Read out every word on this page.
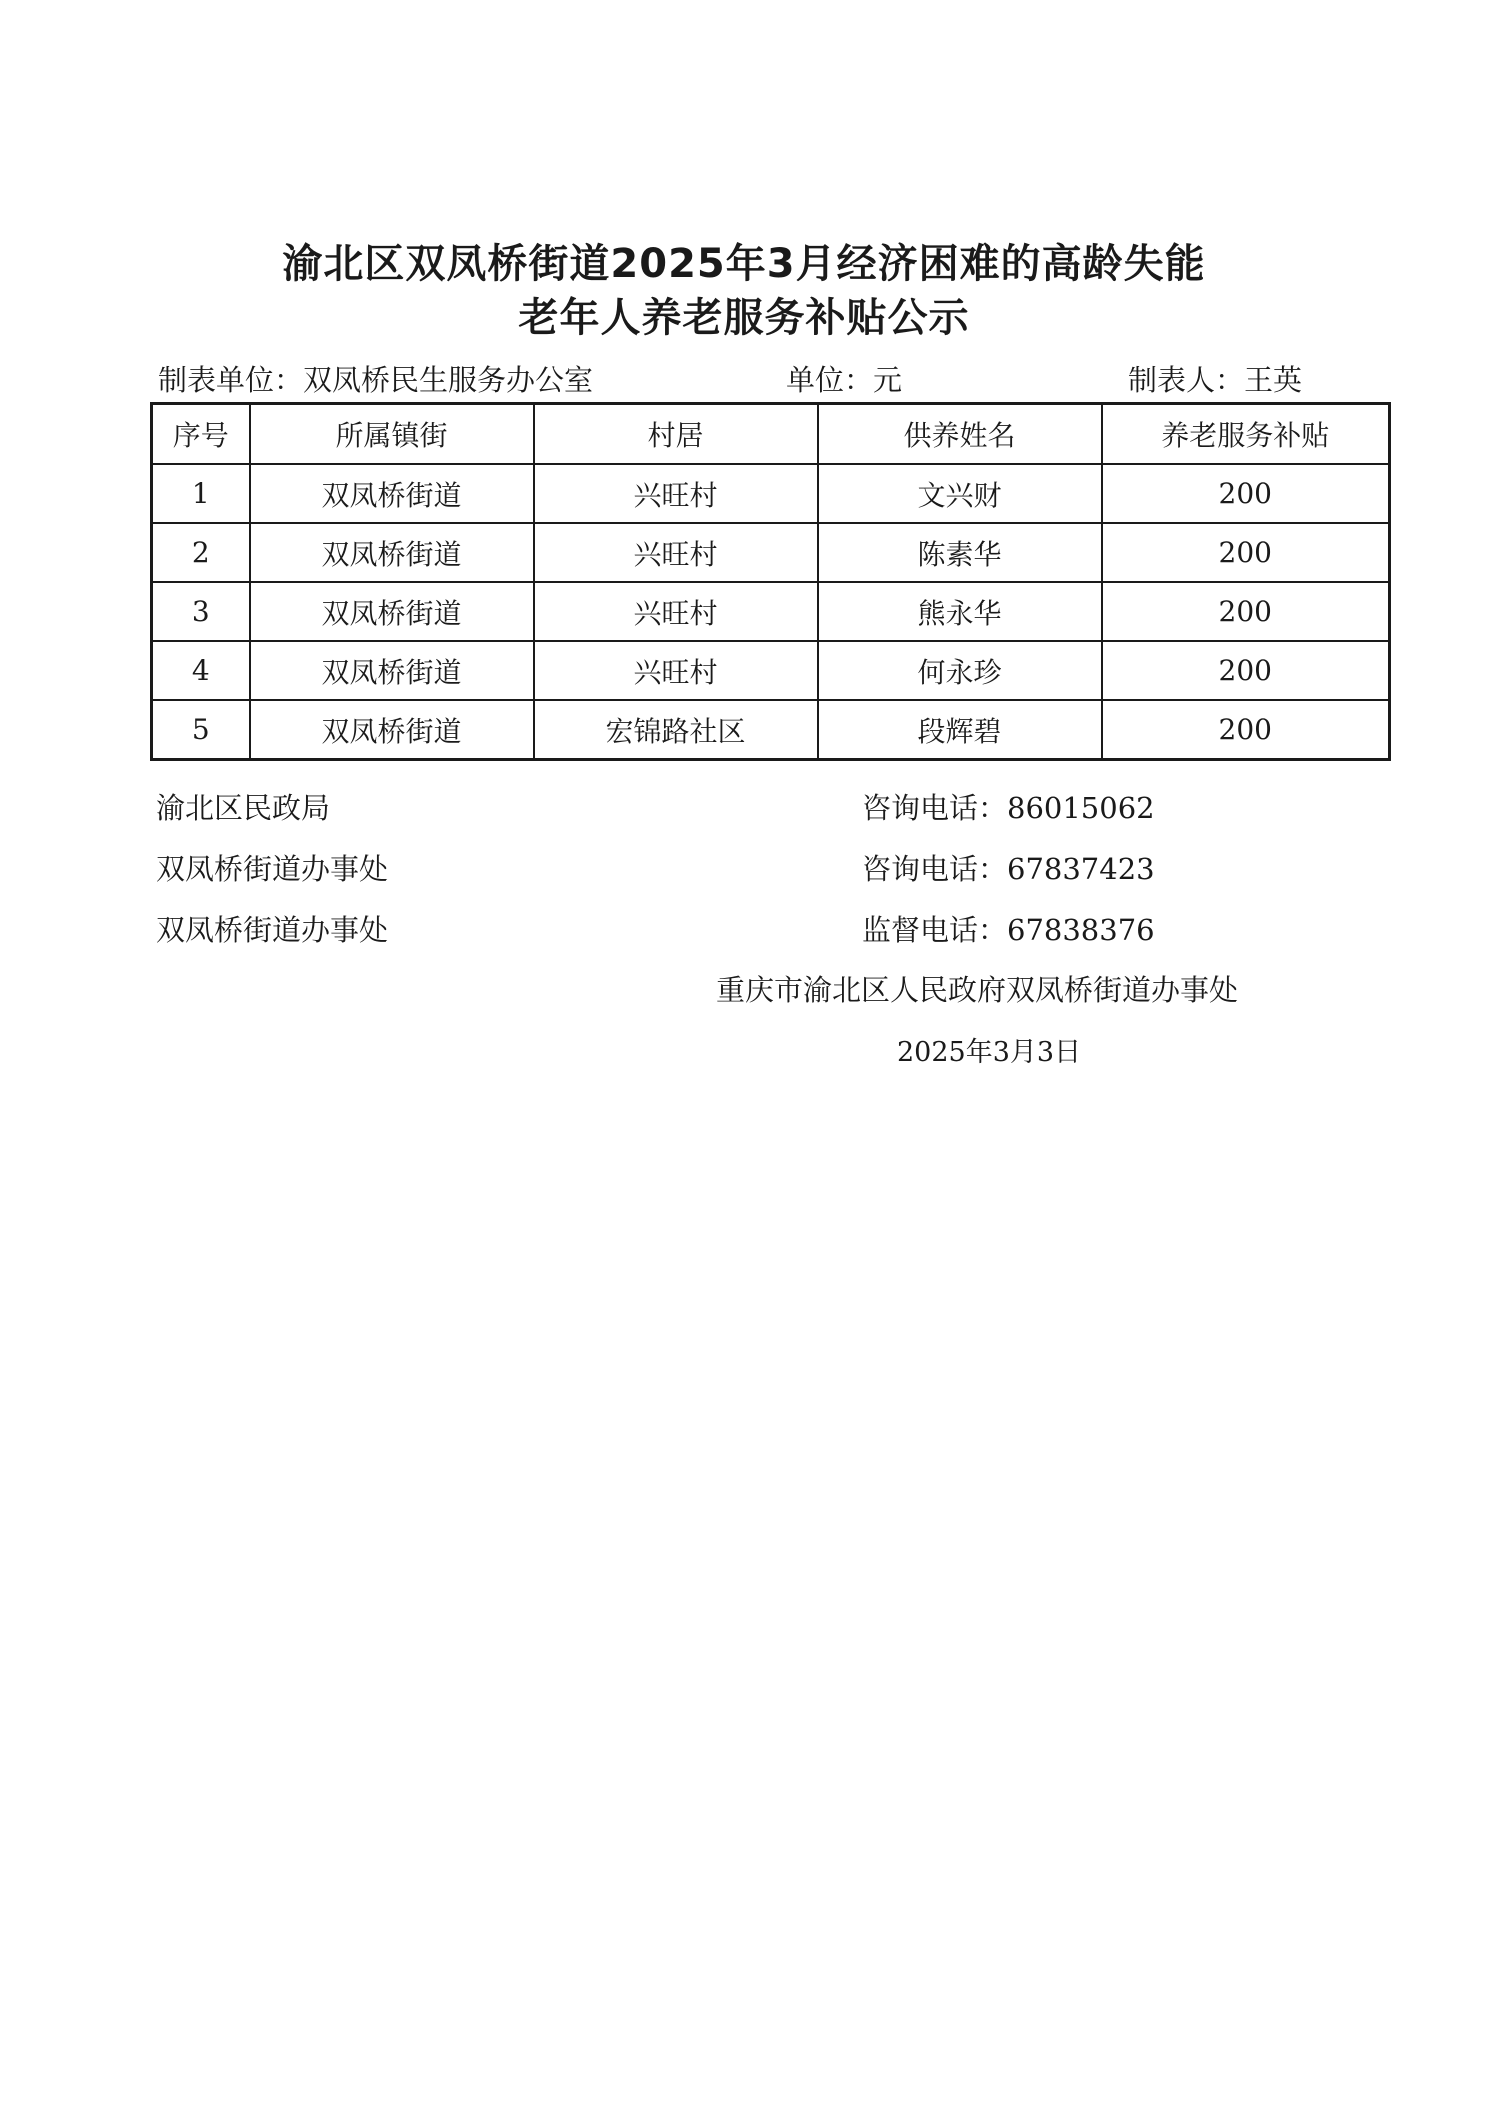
渝北区双凤桥街道2025年3月经济困难的高龄失能
老年人养老服务补贴公示
制表单位：双凤桥民生服务办公室	单位：元	制表人：王英
序号	所属镇街	村居	供养姓名	养老服务补贴
1	双凤桥街道	兴旺村	文兴财	200
2	双凤桥街道	兴旺村	陈素华	200
3	双凤桥街道	兴旺村	熊永华	200
4	双凤桥街道	兴旺村	何永珍	200
5	双凤桥街道	宏锦路社区	段辉碧	200
渝北区民政局	咨询电话：86015062
双凤桥街道办事处	咨询电话：67837423
双凤桥街道办事处	监督电话：67838376
重庆市渝北区人民政府双凤桥街道办事处
2025年3月3日
